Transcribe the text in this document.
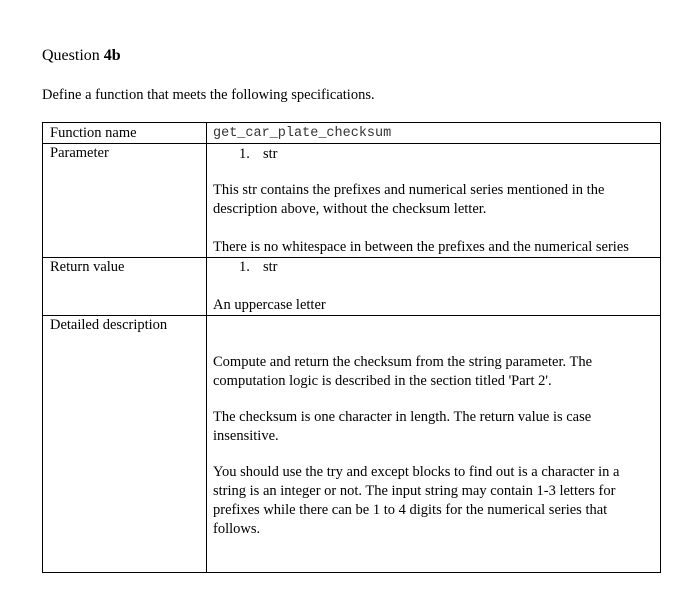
Question 4b
Define a function that meets the following specifications.
Function name	get_car_plate_checksum
Parameter	1. str
This str contains the prefixes and numerical series mentioned in the description above, without the checksum letter.
There is no whitespace in between the prefixes and the numerical series
Return value	1. str
An uppercase letter
Detailed description
Compute and return the checksum from the string parameter. The computation logic is described in the section titled 'Part 2'.
The checksum is one character in length. The return value is case insensitive.
You should use the try and except blocks to find out is a character in a string is an integer or not. The input string may contain 1-3 letters for prefixes while there can be 1 to 4 digits for the numerical series that follows.
